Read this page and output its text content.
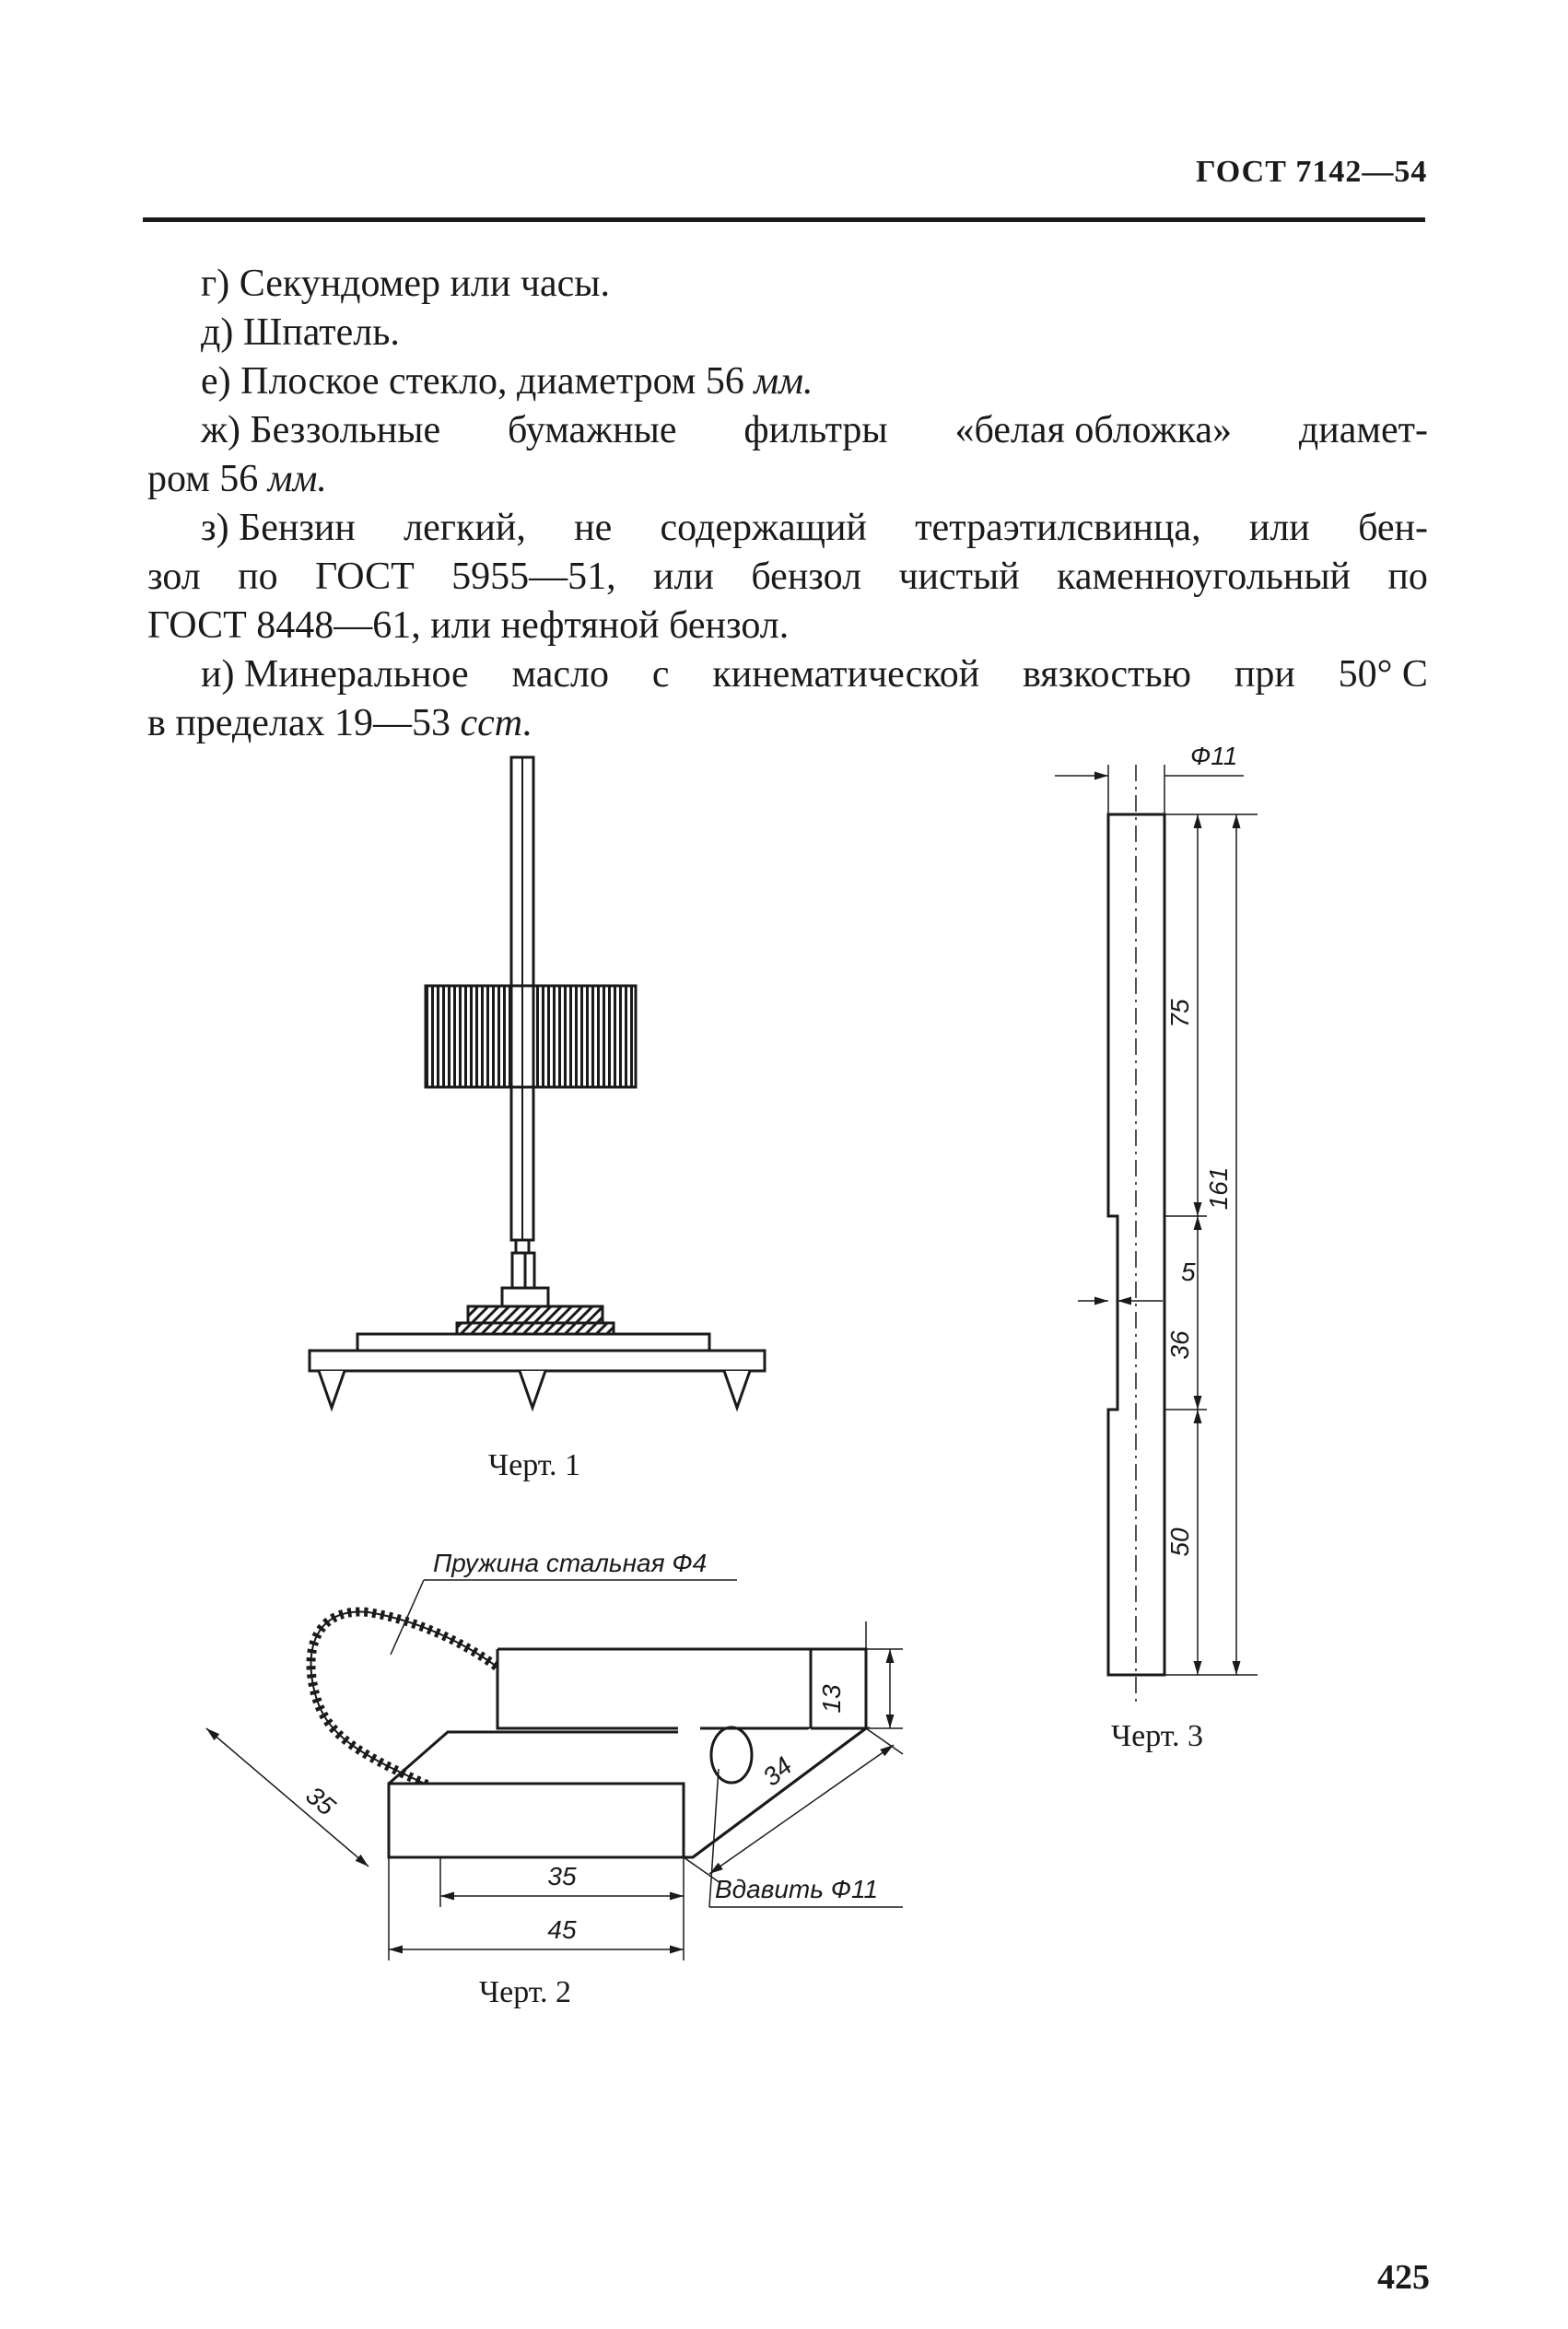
ГОСТ 7142—54
г) Секундомер или часы.
д) Шпатель.
е) Плоское стекло, диаметром 56 мм.
ж) Беззольные бумажные фильтры «белая обложка» диамет-
ром 56 мм.
з) Бензин легкий, не содержащий тетраэтилсвинца, или бен-
зол по ГОСТ 5955—51, или бензол чистый каменноугольный по
ГОСТ 8448—61, или нефтяной бензол.
и) Минеральное масло с кинематической вязкостью при 50° С
в пределах 19—53 сст.
Ф11
75
161
5
36
50
Пружина стальная Ф4
Вдавить Ф11
35
13
34
35
45
Черт. 1
Черт. 2
Черт. 3
425
